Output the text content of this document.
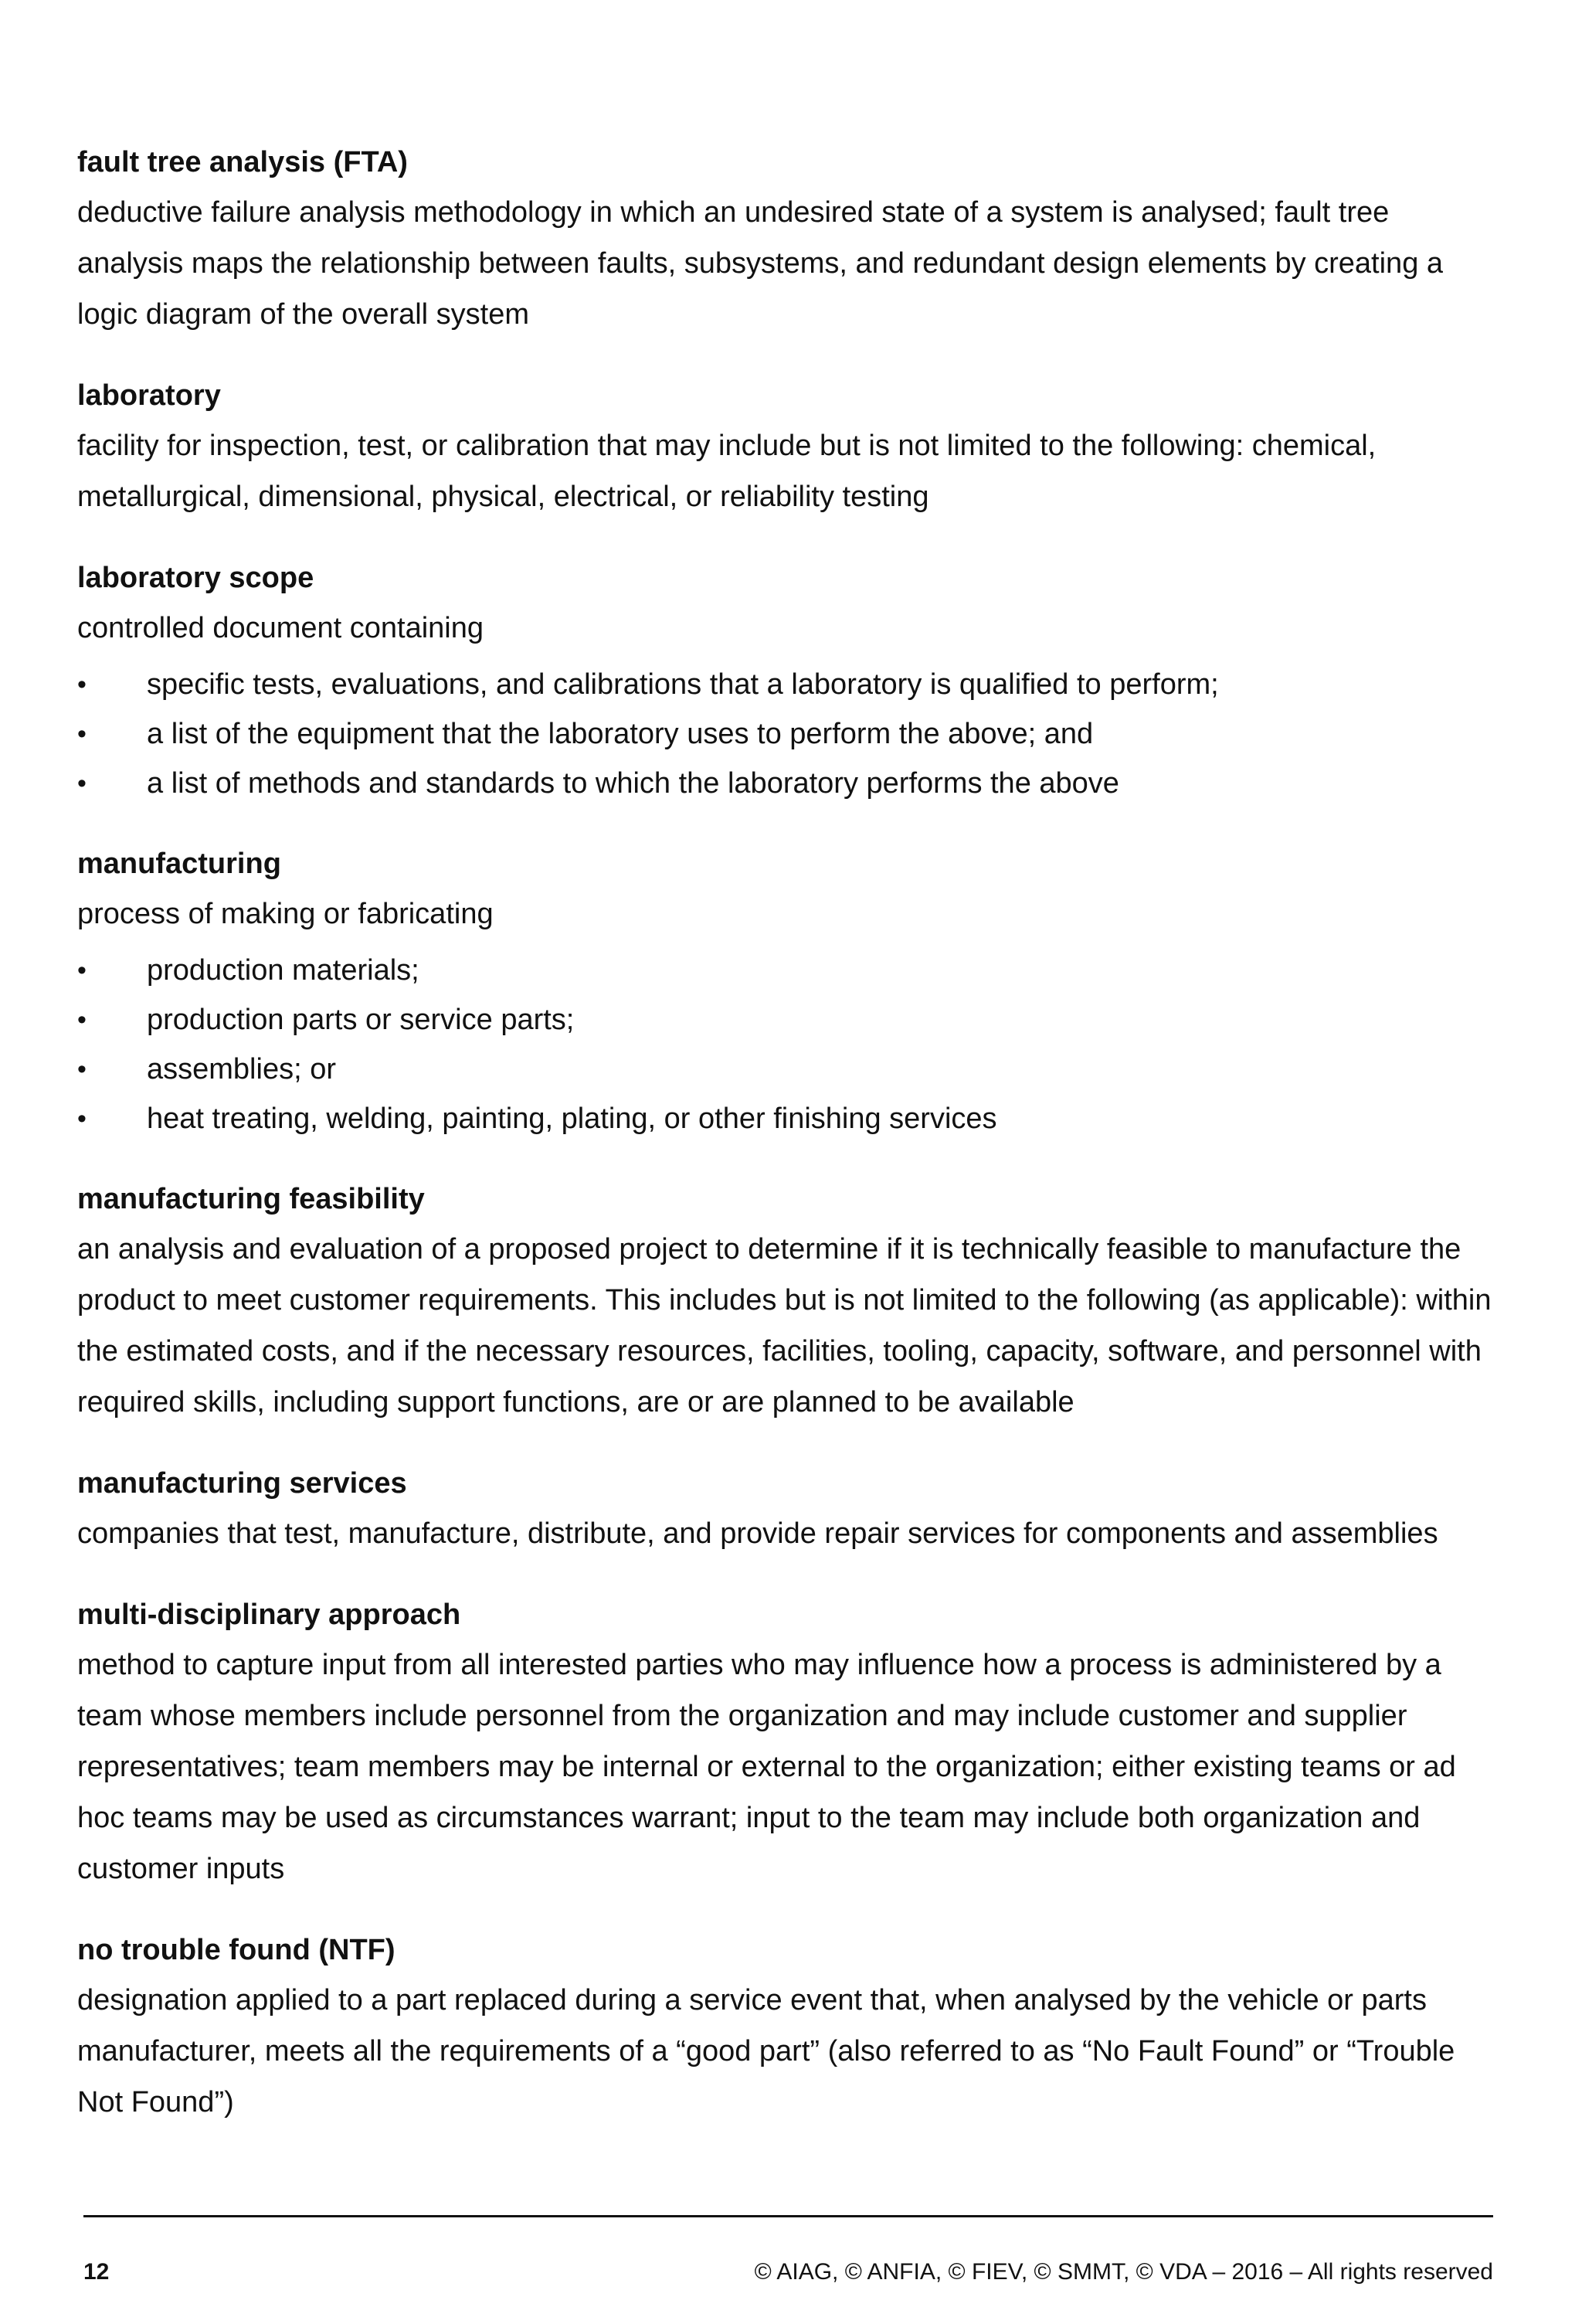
fault tree analysis (FTA)

deductive failure analysis methodology in which an undesired state of a system is analysed; fault tree analysis maps the relationship between faults, subsystems, and redundant design elements by creating a logic diagram of the overall system

laboratory

facility for inspection, test, or calibration that may include but is not limited to the following: chemical, metallurgical, dimensional, physical, electrical, or reliability testing

laboratory scope

controlled document containing

• specific tests, evaluations, and calibrations that a laboratory is qualified to perform;
• a list of the equipment that the laboratory uses to perform the above; and
• a list of methods and standards to which the laboratory performs the above

manufacturing

process of making or fabricating

• production materials;
• production parts or service parts;
• assemblies; or
• heat treating, welding, painting, plating, or other finishing services

manufacturing feasibility

an analysis and evaluation of a proposed project to determine if it is technically feasible to manufacture the product to meet customer requirements. This includes but is not limited to the following (as applicable): within the estimated costs, and if the necessary resources, facilities, tooling, capacity, software, and personnel with required skills, including support functions, are or are planned to be available

manufacturing services

companies that test, manufacture, distribute, and provide repair services for components and assemblies

multi-disciplinary approach

method to capture input from all interested parties who may influence how a process is administered by a team whose members include personnel from the organization and may include customer and supplier representatives; team members may be internal or external to the organization; either existing teams or ad hoc teams may be used as circumstances warrant; input to the team may include both organization and customer inputs

no trouble found (NTF)

designation applied to a part replaced during a service event that, when analysed by the vehicle or parts manufacturer, meets all the requirements of a “good part” (also referred to as “No Fault Found” or “Trouble Not Found”)

12	© AIAG, © ANFIA, © FIEV, © SMMT, © VDA – 2016 – All rights reserved
